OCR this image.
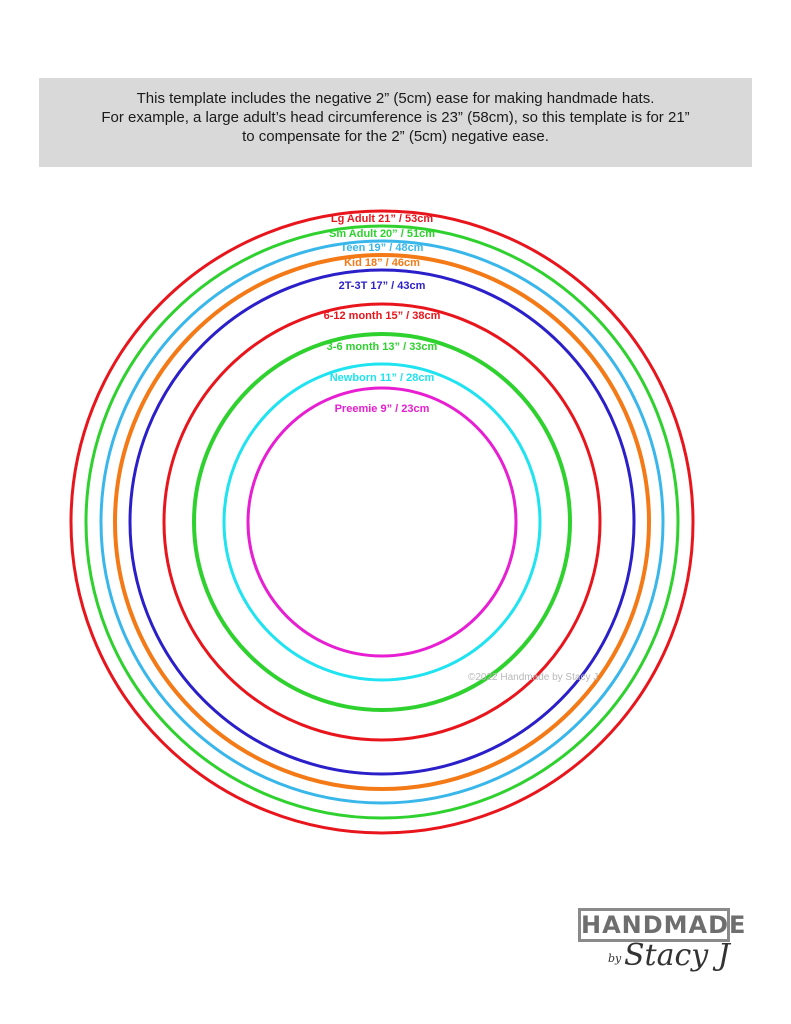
This template includes the negative 2” (5cm) ease for making handmade hats.
For example, a large adult’s head circumference is 23” (58cm), so this template is for 21”
to compensate for the 2” (5cm) negative ease.
Lg Adult 21” / 53cm
Sm Adult 20” / 51cm
Teen 19” / 48cm
Kid 18” / 46cm
2T-3T 17” / 43cm
6-12 month 15” / 38cm
3-6 month 13” / 33cm
Newborn 11” / 28cm
Preemie 9” / 23cm
©2022 Handmade by Stacy J
HANDMADE
by Stacy J
